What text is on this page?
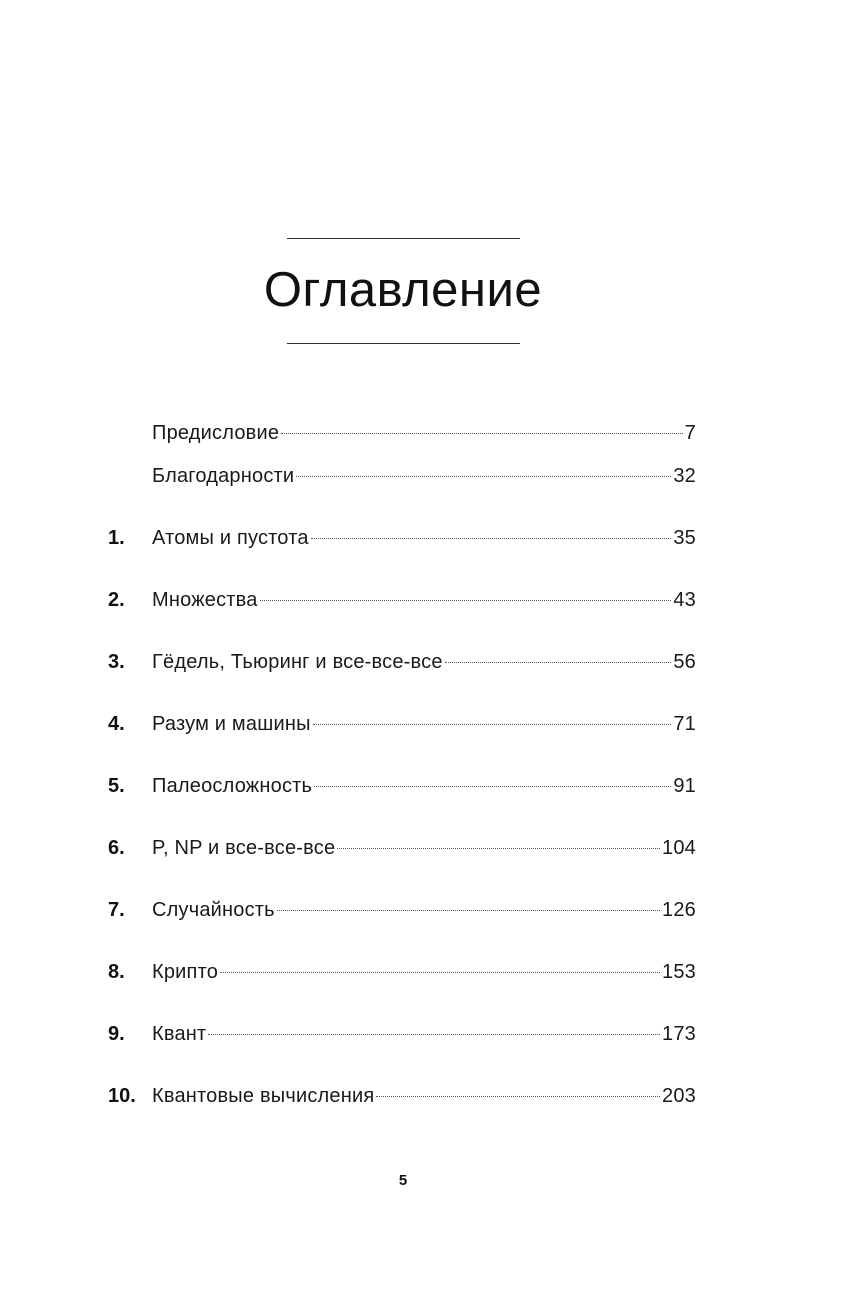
Оглавление
Предисловие	7
Благодарности	32
1. Атомы и пустота	35
2. Множества	43
3. Гёдель, Тьюринг и все-все-все	56
4. Разум и машины	71
5. Палеосложность	91
6. P, NP и все-все-все	104
7. Случайность	126
8. Крипто	153
9. Квант	173
10. Квантовые вычисления	203
5
